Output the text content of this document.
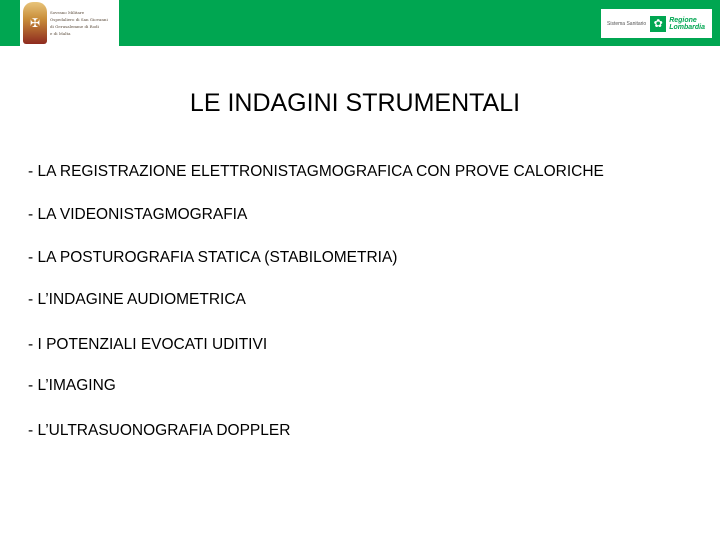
✠
Sovrano Militare
Ospedaliero di San Giovanni
di Gerusalemme di Rodi
e di Malta
Sistema Sanitario ✿ Regione
Lombardia
LE INDAGINI STRUMENTALI
- LA REGISTRAZIONE ELETTRONISTAGMOGRAFICA CON PROVE CALORICHE
- LA VIDEONISTAGMOGRAFIA
- LA POSTUROGRAFIA STATICA (STABILOMETRIA)
- L’INDAGINE AUDIOMETRICA
- I POTENZIALI EVOCATI UDITIVI
- L’IMAGING
- L’ULTRASUONOGRAFIA DOPPLER
